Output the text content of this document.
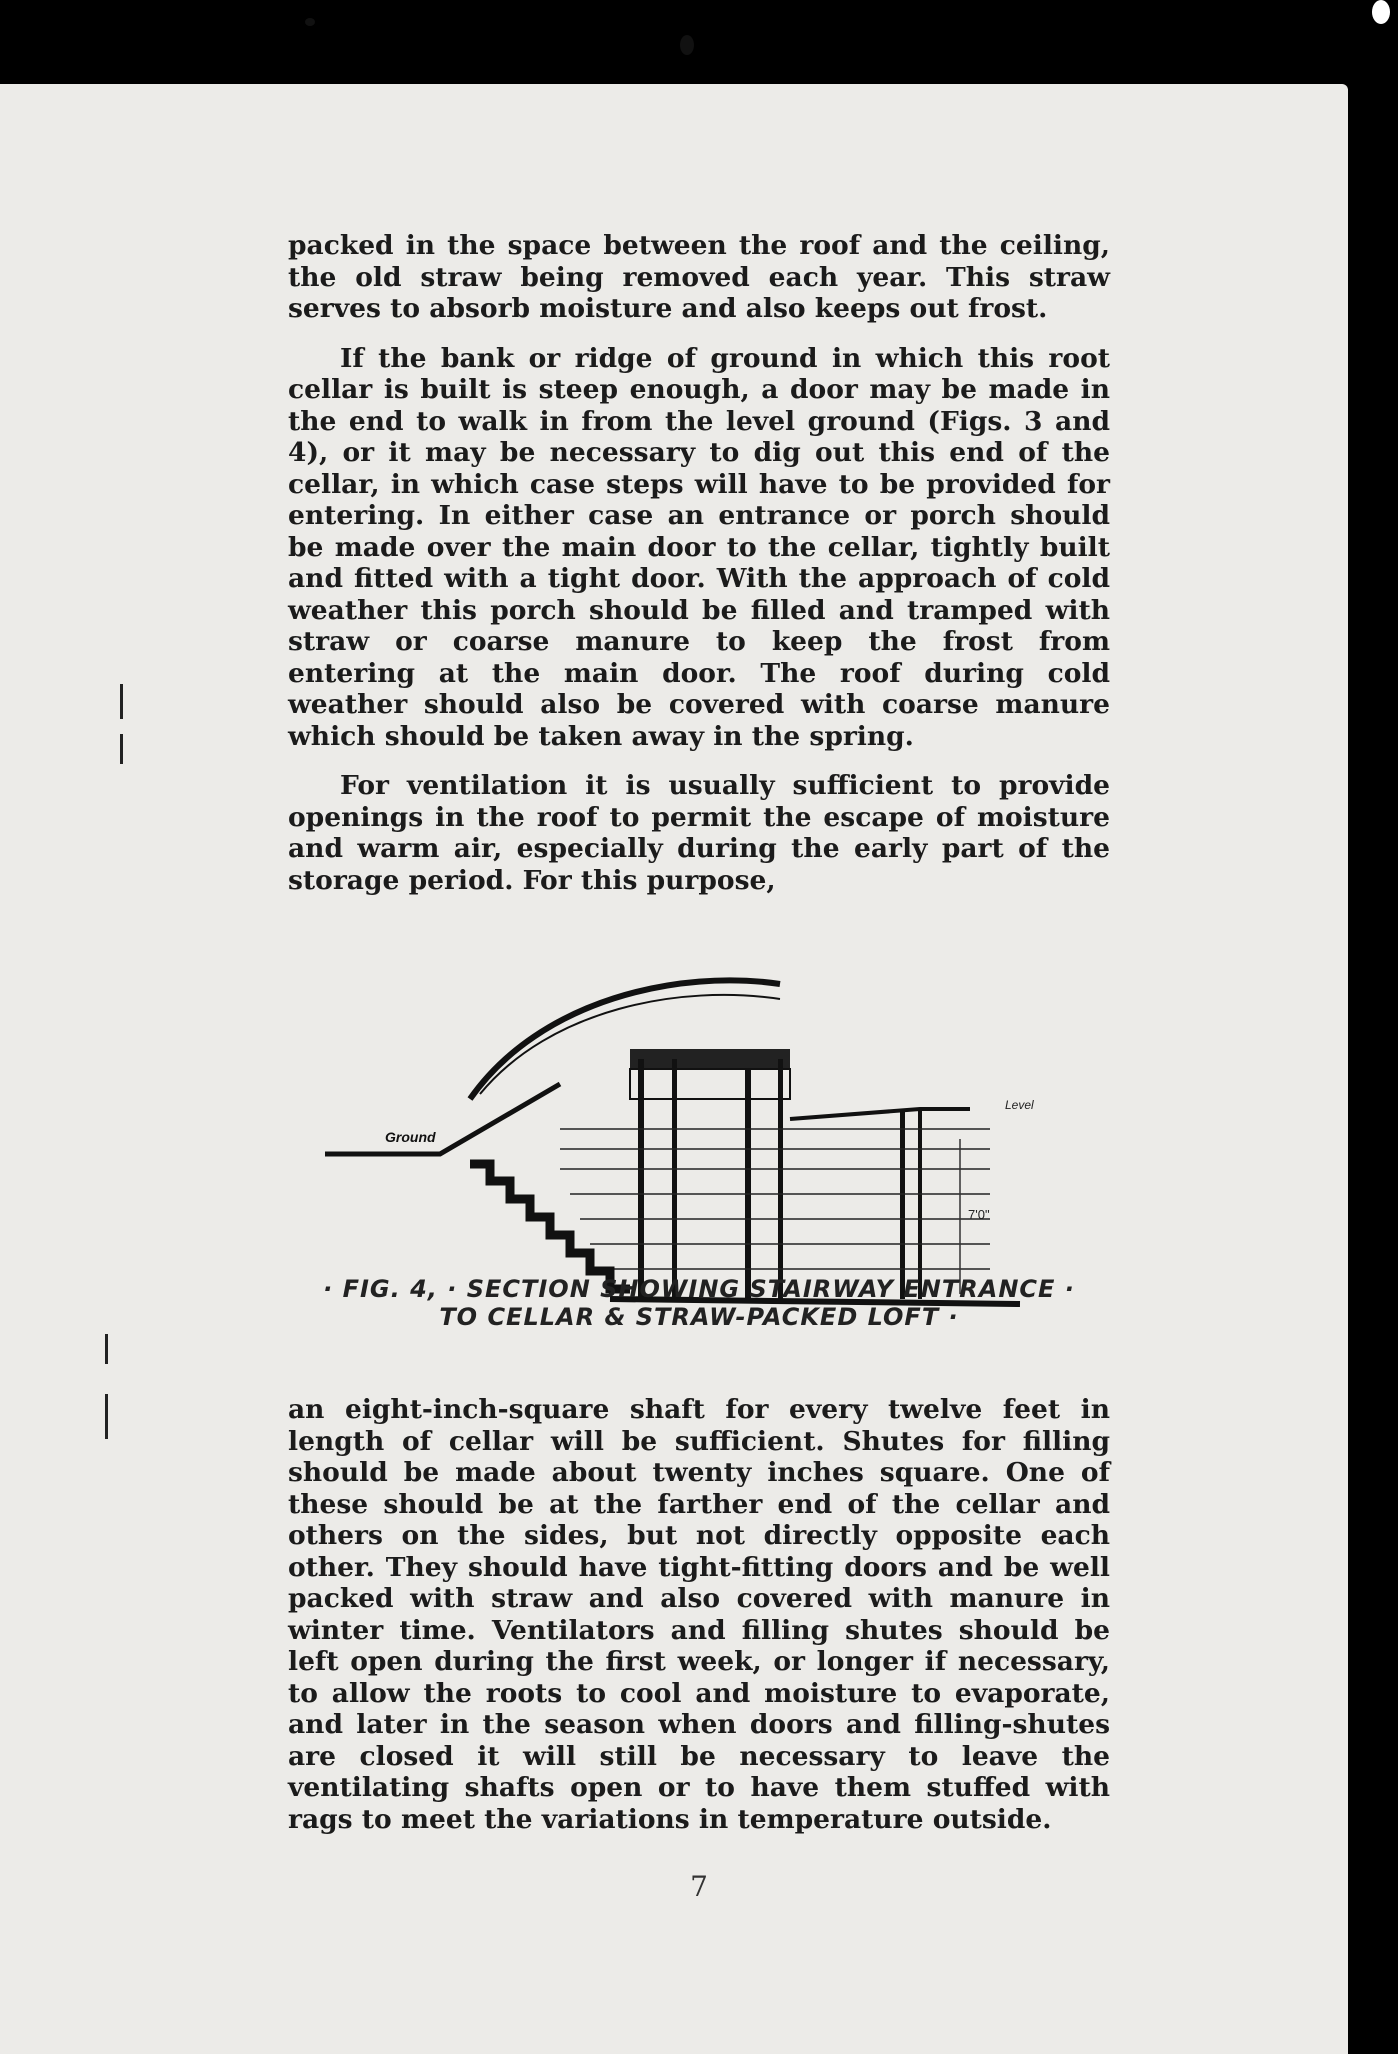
packed in the space between the roof and the ceiling, the old straw being removed each year. This straw serves to absorb moisture and also keeps out frost.

If the bank or ridge of ground in which this root cellar is built is steep enough, a door may be made in the end to walk in from the level ground (Figs. 3 and 4), or it may be necessary to dig out this end of the cellar, in which case steps will have to be provided for entering. In either case an entrance or porch should be made over the main door to the cellar, tightly built and fitted with a tight door. With the approach of cold weather this porch should be filled and tramped with straw or coarse manure to keep the frost from entering at the main door. The roof during cold weather should also be covered with coarse manure which should be taken away in the spring.

For ventilation it is usually sufficient to provide openings in the roof to permit the escape of moisture and warm air, especially during the early part of the storage period. For this purpose,

7'0"
Ground
Level
· FIG. 4, · SECTION SHOWING STAIRWAY ENTRANCE ·
TO CELLAR & STRAW-PACKED LOFT ·

an eight-inch-square shaft for every twelve feet in length of cellar will be sufficient. Shutes for filling should be made about twenty inches square. One of these should be at the farther end of the cellar and others on the sides, but not directly opposite each other. They should have tight-fitting doors and be well packed with straw and also covered with manure in winter time. Ventilators and filling shutes should be left open during the first week, or longer if necessary, to allow the roots to cool and moisture to evaporate, and later in the season when doors and filling-shutes are closed it will still be necessary to leave the ventilating shafts open or to have them stuffed with rags to meet the variations in temperature outside.

7
